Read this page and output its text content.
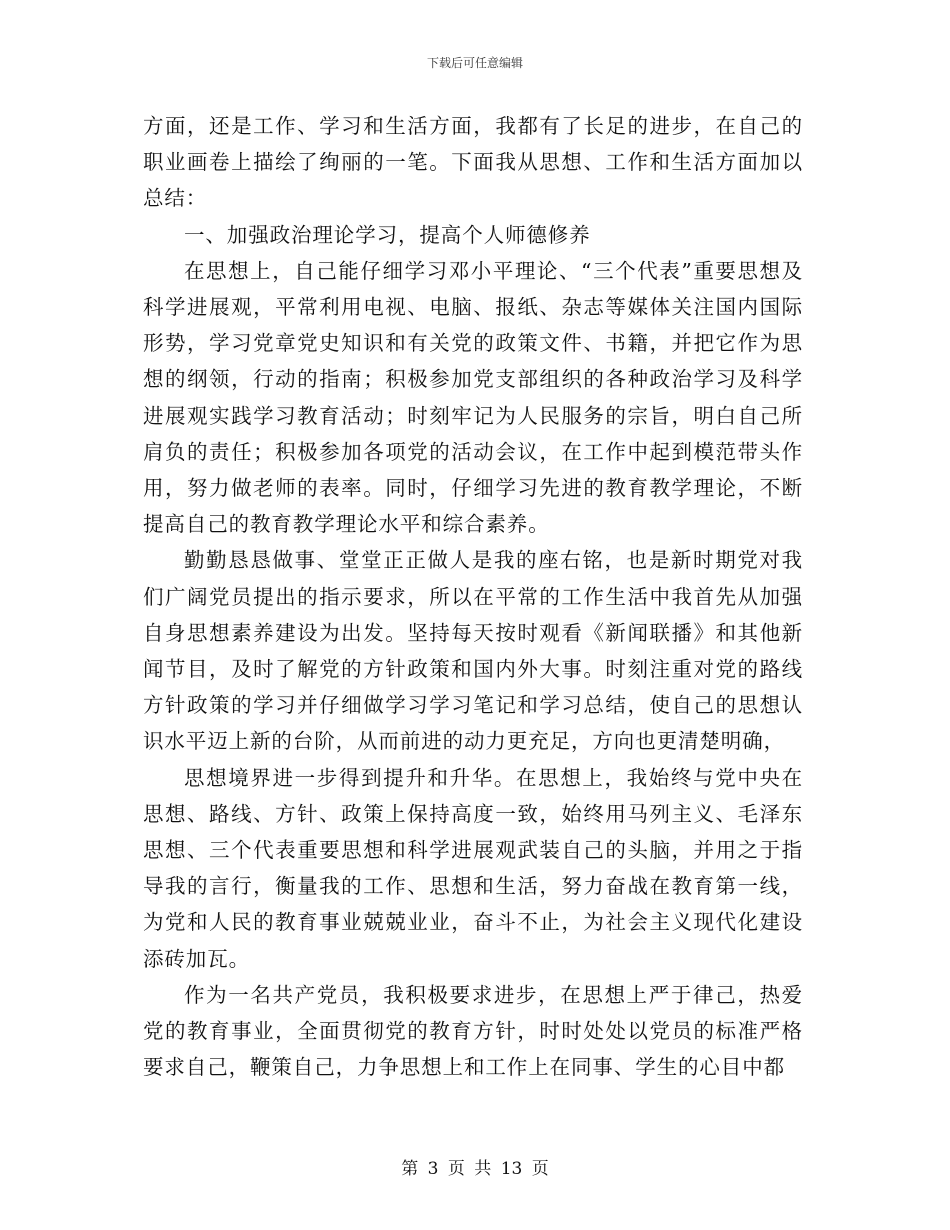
下载后可任意编辑

方面，还是工作、学习和生活方面，我都有了长足的进步，在自己的职业画卷上描绘了绚丽的一笔。下面我从思想、工作和生活方面加以总结：

一、加强政治理论学习，提高个人师德修养

在思想上，自己能仔细学习邓小平理论、“三个代表”重要思想及科学进展观，平常利用电视、电脑、报纸、杂志等媒体关注国内国际形势，学习党章党史知识和有关党的政策文件、书籍，并把它作为思想的纲领，行动的指南；积极参加党支部组织的各种政治学习及科学进展观实践学习教育活动；时刻牢记为人民服务的宗旨，明白自己所肩负的责任；积极参加各项党的活动会议，在工作中起到模范带头作用，努力做老师的表率。同时，仔细学习先进的教育教学理论，不断提高自己的教育教学理论水平和综合素养。

勤勤恳恳做事、堂堂正正做人是我的座右铭，也是新时期党对我们广阔党员提出的指示要求，所以在平常的工作生活中我首先从加强自身思想素养建设为出发。坚持每天按时观看《新闻联播》和其他新闻节目，及时了解党的方针政策和国内外大事。时刻注重对党的路线方针政策的学习并仔细做学习学习笔记和学习总结，使自己的思想认识水平迈上新的台阶，从而前进的动力更充足，方向也更清楚明确，

思想境界进一步得到提升和升华。在思想上，我始终与党中央在思想、路线、方针、政策上保持高度一致，始终用马列主义、毛泽东思想、三个代表重要思想和科学进展观武装自己的头脑，并用之于指导我的言行，衡量我的工作、思想和生活，努力奋战在教育第一线，为党和人民的教育事业兢兢业业，奋斗不止，为社会主义现代化建设添砖加瓦。

作为一名共产党员，我积极要求进步，在思想上严于律己，热爱党的教育事业，全面贯彻党的教育方针，时时处处以党员的标准严格要求自己，鞭策自己，力争思想上和工作上在同事、学生的心目中都

第 3 页 共 13 页
